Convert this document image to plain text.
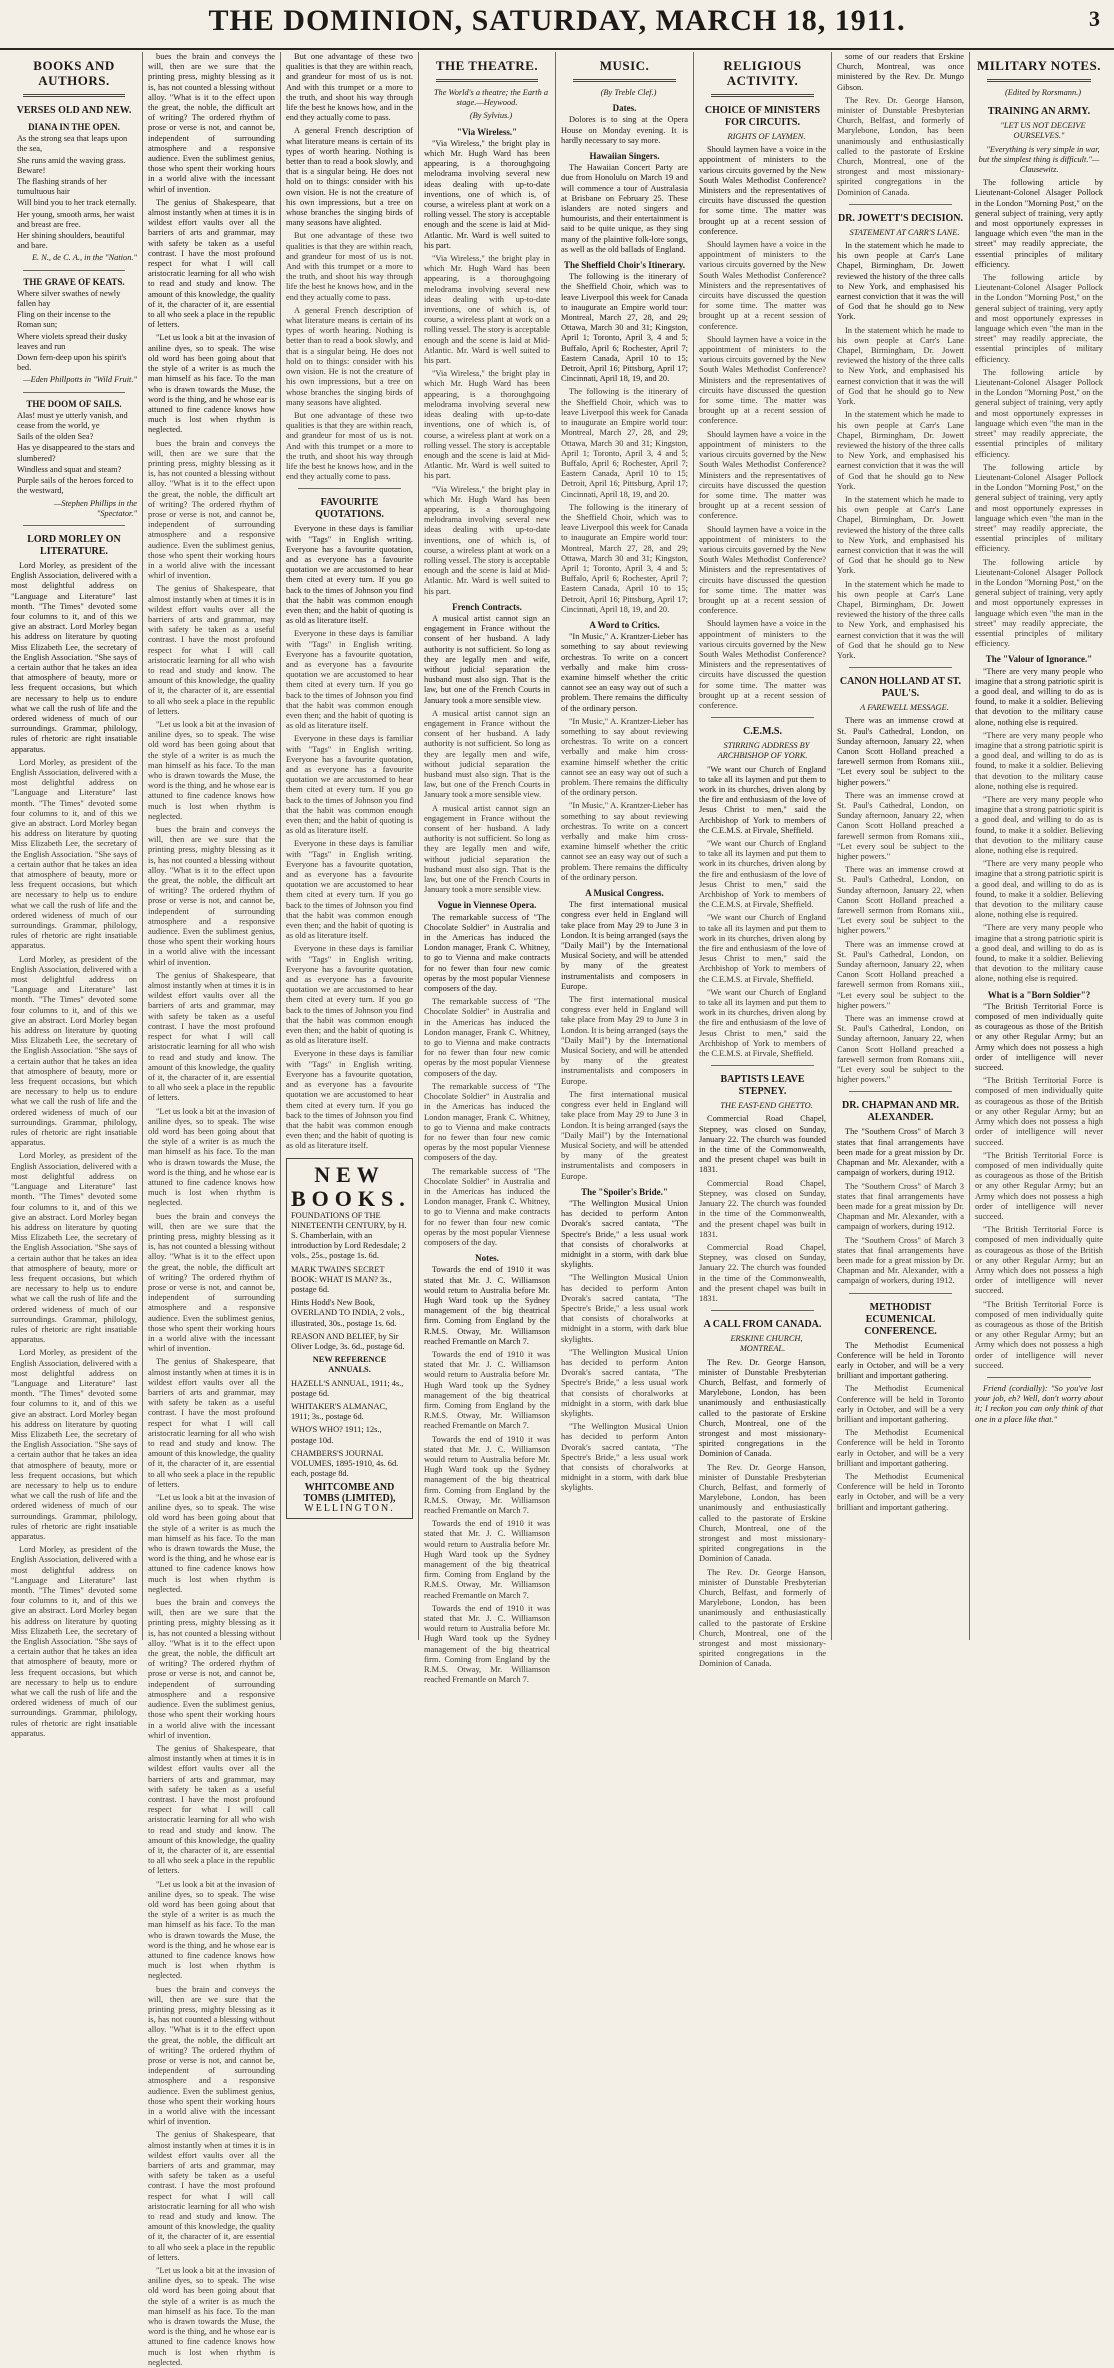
THE DOMINION, SATURDAY, MARCH 18, 1911.	3
BOOKS AND AUTHORS.
VERSES OLD AND NEW.
DIANA IN THE OPEN.

As the strong sea that leaps upon the sea,

She runs amid the waving grass. Beware!

The flashing strands of her tumultuous hair

Will bind you to her track eternally.

Her young, smooth arms, her waist and breast are free.

Her shining shoulders, beautiful and bare.

E. N., de C. A., in the "Nation."

THE GRAVE OF KEATS.

Where silver swathes of newly fallen hay

Fling on their incense to the Roman sun;

Where violets spread their dusky leaves and run

Down fern-deep upon his spirit's bed.

—Eden Phillpotts in "Wild Fruit."

THE DOOM OF SAILS.

Alas! must ye utterly vanish, and cease from the world, ye

Sails of the olden Sea?

Has ye disappeared to the stars and slumbered?

Windless and squat and steam?

Purple sails of the heroes forced to the westward,

—Stephen Phillips in the "Spectator."

LORD MORLEY ON LITERATURE.

Lord Morley, as president of the English Association, delivered with a most delightful address on "Language and Literature" last month. "The Times" devoted some four columns to it, and of this we give an abstract. Lord Morley began his address on literature by quoting Miss Elizabeth Lee, the secretary of the English Association. "She says of a certain author that he takes an idea that atmosphere of beauty, more or less frequent occasions, but which are necessary to help us to endure what we call the rush of life and the ordered wideness of much of our surroundings. Grammar, philology, rules of rhetoric are right insatiable apparatus.

Lord Morley, as president of the English Association, delivered with a most delightful address on "Language and Literature" last month. "The Times" devoted some four columns to it, and of this we give an abstract. Lord Morley began his address on literature by quoting Miss Elizabeth Lee, the secretary of the English Association. "She says of a certain author that he takes an idea that atmosphere of beauty, more or less frequent occasions, but which are necessary to help us to endure what we call the rush of life and the ordered wideness of much of our surroundings. Grammar, philology, rules of rhetoric are right insatiable apparatus.

Lord Morley, as president of the English Association, delivered with a most delightful address on "Language and Literature" last month. "The Times" devoted some four columns to it, and of this we give an abstract. Lord Morley began his address on literature by quoting Miss Elizabeth Lee, the secretary of the English Association. "She says of a certain author that he takes an idea that atmosphere of beauty, more or less frequent occasions, but which are necessary to help us to endure what we call the rush of life and the ordered wideness of much of our surroundings. Grammar, philology, rules of rhetoric are right insatiable apparatus.

Lord Morley, as president of the English Association, delivered with a most delightful address on "Language and Literature" last month. "The Times" devoted some four columns to it, and of this we give an abstract. Lord Morley began his address on literature by quoting Miss Elizabeth Lee, the secretary of the English Association. "She says of a certain author that he takes an idea that atmosphere of beauty, more or less frequent occasions, but which are necessary to help us to endure what we call the rush of life and the ordered wideness of much of our surroundings. Grammar, philology, rules of rhetoric are right insatiable apparatus.

Lord Morley, as president of the English Association, delivered with a most delightful address on "Language and Literature" last month. "The Times" devoted some four columns to it, and of this we give an abstract. Lord Morley began his address on literature by quoting Miss Elizabeth Lee, the secretary of the English Association. "She says of a certain author that he takes an idea that atmosphere of beauty, more or less frequent occasions, but which are necessary to help us to endure what we call the rush of life and the ordered wideness of much of our surroundings. Grammar, philology, rules of rhetoric are right insatiable apparatus.

Lord Morley, as president of the English Association, delivered with a most delightful address on "Language and Literature" last month. "The Times" devoted some four columns to it, and of this we give an abstract. Lord Morley began his address on literature by quoting Miss Elizabeth Lee, the secretary of the English Association. "She says of a certain author that he takes an idea that atmosphere of beauty, more or less frequent occasions, but which are necessary to help us to endure what we call the rush of life and the ordered wideness of much of our surroundings. Grammar, philology, rules of rhetoric are right insatiable apparatus.

bues the brain and conveys the will, then are we sure that the printing press, mighty blessing as it is, has not counted a blessing without alloy. "What is it to the effect upon the great, the noble, the difficult art of writing? The ordered rhythm of prose or verse is not, and cannot be, independent of surrounding atmosphere and a responsive audience. Even the sublimest genius, those who spent their working hours in a world alive with the incessant whirl of invention.

The genius of Shakespeare, that almost instantly when at times it is in wildest effort vaults over all the barriers of arts and grammar, may with safety be taken as a useful contrast. I have the most profound respect for what I will call aristocratic learning for all who wish to read and study and know. The amount of this knowledge, the quality of it, the character of it, are essential to all who seek a place in the republic of letters.

"Let us look a bit at the invasion of aniline dyes, so to speak. The wise old word has been going about that the style of a writer is as much the man himself as his face. To the man who is drawn towards the Muse, the word is the thing, and he whose ear is attuned to fine cadence knows how much is lost when rhythm is neglected.

bues the brain and conveys the will, then are we sure that the printing press, mighty blessing as it is, has not counted a blessing without alloy. "What is it to the effect upon the great, the noble, the difficult art of writing? The ordered rhythm of prose or verse is not, and cannot be, independent of surrounding atmosphere and a responsive audience. Even the sublimest genius, those who spent their working hours in a world alive with the incessant whirl of invention.

The genius of Shakespeare, that almost instantly when at times it is in wildest effort vaults over all the barriers of arts and grammar, may with safety be taken as a useful contrast. I have the most profound respect for what I will call aristocratic learning for all who wish to read and study and know. The amount of this knowledge, the quality of it, the character of it, are essential to all who seek a place in the republic of letters.

"Let us look a bit at the invasion of aniline dyes, so to speak. The wise old word has been going about that the style of a writer is as much the man himself as his face. To the man who is drawn towards the Muse, the word is the thing, and he whose ear is attuned to fine cadence knows how much is lost when rhythm is neglected.

bues the brain and conveys the will, then are we sure that the printing press, mighty blessing as it is, has not counted a blessing without alloy. "What is it to the effect upon the great, the noble, the difficult art of writing? The ordered rhythm of prose or verse is not, and cannot be, independent of surrounding atmosphere and a responsive audience. Even the sublimest genius, those who spent their working hours in a world alive with the incessant whirl of invention.

The genius of Shakespeare, that almost instantly when at times it is in wildest effort vaults over all the barriers of arts and grammar, may with safety be taken as a useful contrast. I have the most profound respect for what I will call aristocratic learning for all who wish to read and study and know. The amount of this knowledge, the quality of it, the character of it, are essential to all who seek a place in the republic of letters.

"Let us look a bit at the invasion of aniline dyes, so to speak. The wise old word has been going about that the style of a writer is as much the man himself as his face. To the man who is drawn towards the Muse, the word is the thing, and he whose ear is attuned to fine cadence knows how much is lost when rhythm is neglected.

bues the brain and conveys the will, then are we sure that the printing press, mighty blessing as it is, has not counted a blessing without alloy. "What is it to the effect upon the great, the noble, the difficult art of writing? The ordered rhythm of prose or verse is not, and cannot be, independent of surrounding atmosphere and a responsive audience. Even the sublimest genius, those who spent their working hours in a world alive with the incessant whirl of invention.

The genius of Shakespeare, that almost instantly when at times it is in wildest effort vaults over all the barriers of arts and grammar, may with safety be taken as a useful contrast. I have the most profound respect for what I will call aristocratic learning for all who wish to read and study and know. The amount of this knowledge, the quality of it, the character of it, are essential to all who seek a place in the republic of letters.

"Let us look a bit at the invasion of aniline dyes, so to speak. The wise old word has been going about that the style of a writer is as much the man himself as his face. To the man who is drawn towards the Muse, the word is the thing, and he whose ear is attuned to fine cadence knows how much is lost when rhythm is neglected.

bues the brain and conveys the will, then are we sure that the printing press, mighty blessing as it is, has not counted a blessing without alloy. "What is it to the effect upon the great, the noble, the difficult art of writing? The ordered rhythm of prose or verse is not, and cannot be, independent of surrounding atmosphere and a responsive audience. Even the sublimest genius, those who spent their working hours in a world alive with the incessant whirl of invention.

The genius of Shakespeare, that almost instantly when at times it is in wildest effort vaults over all the barriers of arts and grammar, may with safety be taken as a useful contrast. I have the most profound respect for what I will call aristocratic learning for all who wish to read and study and know. The amount of this knowledge, the quality of it, the character of it, are essential to all who seek a place in the republic of letters.

"Let us look a bit at the invasion of aniline dyes, so to speak. The wise old word has been going about that the style of a writer is as much the man himself as his face. To the man who is drawn towards the Muse, the word is the thing, and he whose ear is attuned to fine cadence knows how much is lost when rhythm is neglected.

bues the brain and conveys the will, then are we sure that the printing press, mighty blessing as it is, has not counted a blessing without alloy. "What is it to the effect upon the great, the noble, the difficult art of writing? The ordered rhythm of prose or verse is not, and cannot be, independent of surrounding atmosphere and a responsive audience. Even the sublimest genius, those who spent their working hours in a world alive with the incessant whirl of invention.

The genius of Shakespeare, that almost instantly when at times it is in wildest effort vaults over all the barriers of arts and grammar, may with safety be taken as a useful contrast. I have the most profound respect for what I will call aristocratic learning for all who wish to read and study and know. The amount of this knowledge, the quality of it, the character of it, are essential to all who seek a place in the republic of letters.

"Let us look a bit at the invasion of aniline dyes, so to speak. The wise old word has been going about that the style of a writer is as much the man himself as his face. To the man who is drawn towards the Muse, the word is the thing, and he whose ear is attuned to fine cadence knows how much is lost when rhythm is neglected.

But one advantage of these two qualities is that they are within reach, and grandeur for most of us is not. And with this trumpet or a more to the truth, and shoot his way through life the best he knows how, and in the end they actually come to pass.

A general French description of what literature means is certain of its types of worth hearing. Nothing is better than to read a book slowly, and that is a singular being. He does not hold on to things: consider with his own vision. He is not the creature of his own impressions, but a tree on whose branches the singing birds of many seasons have alighted.

But one advantage of these two qualities is that they are within reach, and grandeur for most of us is not. And with this trumpet or a more to the truth, and shoot his way through life the best he knows how, and in the end they actually come to pass.

A general French description of what literature means is certain of its types of worth hearing. Nothing is better than to read a book slowly, and that is a singular being. He does not hold on to things: consider with his own vision. He is not the creature of his own impressions, but a tree on whose branches the singing birds of many seasons have alighted.

But one advantage of these two qualities is that they are within reach, and grandeur for most of us is not. And with this trumpet or a more to the truth, and shoot his way through life the best he knows how, and in the end they actually come to pass.

FAVOURITE QUOTATIONS.

Everyone in these days is familiar with "Tags" in English writing. Everyone has a favourite quotation, and as everyone has a favourite quotation we are accustomed to hear them cited at every turn. If you go back to the times of Johnson you find that the habit was common enough even then; and the habit of quoting is as old as literature itself.

Everyone in these days is familiar with "Tags" in English writing. Everyone has a favourite quotation, and as everyone has a favourite quotation we are accustomed to hear them cited at every turn. If you go back to the times of Johnson you find that the habit was common enough even then; and the habit of quoting is as old as literature itself.

Everyone in these days is familiar with "Tags" in English writing. Everyone has a favourite quotation, and as everyone has a favourite quotation we are accustomed to hear them cited at every turn. If you go back to the times of Johnson you find that the habit was common enough even then; and the habit of quoting is as old as literature itself.

Everyone in these days is familiar with "Tags" in English writing. Everyone has a favourite quotation, and as everyone has a favourite quotation we are accustomed to hear them cited at every turn. If you go back to the times of Johnson you find that the habit was common enough even then; and the habit of quoting is as old as literature itself.

Everyone in these days is familiar with "Tags" in English writing. Everyone has a favourite quotation, and as everyone has a favourite quotation we are accustomed to hear them cited at every turn. If you go back to the times of Johnson you find that the habit was common enough even then; and the habit of quoting is as old as literature itself.

Everyone in these days is familiar with "Tags" in English writing. Everyone has a favourite quotation, and as everyone has a favourite quotation we are accustomed to hear them cited at every turn. If you go back to the times of Johnson you find that the habit was common enough even then; and the habit of quoting is as old as literature itself.

NEW BOOKS.

FOUNDATIONS OF THE NINETEENTH CENTURY, by H. S. Chamberlain, with an introduction by Lord Redesdale; 2 vols., 25s., postage 1s. 6d.

MARK TWAIN'S SECRET BOOK: WHAT IS MAN? 3s., postage 6d.

Hints Hodd's New Book, OVERLAND TO INDIA, 2 vols., illustrated, 30s., postage 1s. 6d.

REASON AND BELIEF, by Sir Oliver Lodge, 3s. 6d., postage 6d.

NEW REFERENCE ANNUALS.

HAZELL'S ANNUAL, 1911; 4s., postage 6d.

WHITAKER'S ALMANAC, 1911; 3s., postage 6d.

WHO'S WHO? 1911; 12s., postage 10d.

CHAMBERS'S JOURNAL VOLUMES, 1895-1910, 4s. 6d. each, postage 8d.

WHITCOMBE AND TOMBS (LIMITED),
WELLINGTON.
THE THEATRE.

The World's a theatre; the Earth a stage.—Heywood.

(By Sylvius.)

"Via Wireless."

"Via Wireless," the bright play in which Mr. Hugh Ward has been appearing, is a thoroughgoing melodrama involving several new ideas dealing with up-to-date inventions, one of which is, of course, a wireless plant at work on a rolling vessel. The story is acceptable enough and the scene is laid at Mid-Atlantic. Mr. Ward is well suited to his part.

"Via Wireless," the bright play in which Mr. Hugh Ward has been appearing, is a thoroughgoing melodrama involving several new ideas dealing with up-to-date inventions, one of which is, of course, a wireless plant at work on a rolling vessel. The story is acceptable enough and the scene is laid at Mid-Atlantic. Mr. Ward is well suited to his part.

"Via Wireless," the bright play in which Mr. Hugh Ward has been appearing, is a thoroughgoing melodrama involving several new ideas dealing with up-to-date inventions, one of which is, of course, a wireless plant at work on a rolling vessel. The story is acceptable enough and the scene is laid at Mid-Atlantic. Mr. Ward is well suited to his part.

"Via Wireless," the bright play in which Mr. Hugh Ward has been appearing, is a thoroughgoing melodrama involving several new ideas dealing with up-to-date inventions, one of which is, of course, a wireless plant at work on a rolling vessel. The story is acceptable enough and the scene is laid at Mid-Atlantic. Mr. Ward is well suited to his part.

French Contracts.

A musical artist cannot sign an engagement in France without the consent of her husband. A lady authority is not sufficient. So long as they are legally men and wife, without judicial separation the husband must also sign. That is the law, but one of the French Courts in January took a more sensible view.

A musical artist cannot sign an engagement in France without the consent of her husband. A lady authority is not sufficient. So long as they are legally men and wife, without judicial separation the husband must also sign. That is the law, but one of the French Courts in January took a more sensible view.

A musical artist cannot sign an engagement in France without the consent of her husband. A lady authority is not sufficient. So long as they are legally men and wife, without judicial separation the husband must also sign. That is the law, but one of the French Courts in January took a more sensible view.

Vogue in Viennese Opera.

The remarkable success of "The Chocolate Soldier" in Australia and in the Americas has induced the London manager, Frank C. Whitney, to go to Vienna and make contracts for no fewer than four new comic operas by the most popular Viennese composers of the day.

The remarkable success of "The Chocolate Soldier" in Australia and in the Americas has induced the London manager, Frank C. Whitney, to go to Vienna and make contracts for no fewer than four new comic operas by the most popular Viennese composers of the day.

The remarkable success of "The Chocolate Soldier" in Australia and in the Americas has induced the London manager, Frank C. Whitney, to go to Vienna and make contracts for no fewer than four new comic operas by the most popular Viennese composers of the day.

The remarkable success of "The Chocolate Soldier" in Australia and in the Americas has induced the London manager, Frank C. Whitney, to go to Vienna and make contracts for no fewer than four new comic operas by the most popular Viennese composers of the day.

Notes.

Towards the end of 1910 it was stated that Mr. J. C. Williamson would return to Australia before Mr. Hugh Ward took up the Sydney management of the big theatrical firm. Coming from England by the R.M.S. Otway, Mr. Williamson reached Fremantle on March 7.

Towards the end of 1910 it was stated that Mr. J. C. Williamson would return to Australia before Mr. Hugh Ward took up the Sydney management of the big theatrical firm. Coming from England by the R.M.S. Otway, Mr. Williamson reached Fremantle on March 7.

Towards the end of 1910 it was stated that Mr. J. C. Williamson would return to Australia before Mr. Hugh Ward took up the Sydney management of the big theatrical firm. Coming from England by the R.M.S. Otway, Mr. Williamson reached Fremantle on March 7.

Towards the end of 1910 it was stated that Mr. J. C. Williamson would return to Australia before Mr. Hugh Ward took up the Sydney management of the big theatrical firm. Coming from England by the R.M.S. Otway, Mr. Williamson reached Fremantle on March 7.

Towards the end of 1910 it was stated that Mr. J. C. Williamson would return to Australia before Mr. Hugh Ward took up the Sydney management of the big theatrical firm. Coming from England by the R.M.S. Otway, Mr. Williamson reached Fremantle on March 7.

MUSIC.

(By Treble Clef.)

Dates.

Dolores is to sing at the Opera House on Monday evening. It is hardly necessary to say more.

Hawaiian Singers.

The Hawaiian Concert Party are due from Honolulu on March 19 and will commence a tour of Australasia at Brisbane on February 25. These islanders are noted singers and humourists, and their entertainment is said to be quite unique, as they sing many of the plaintive folk-lore songs, as well as the old ballads of England.

The Sheffield Choir's Itinerary.

The following is the itinerary of the Sheffield Choir, which was to leave Liverpool this week for Canada to inaugurate an Empire world tour: Montreal, March 27, 28, and 29; Ottawa, March 30 and 31; Kingston, April 1; Toronto, April 3, 4 and 5; Buffalo, April 6; Rochester, April 7; Eastern Canada, April 10 to 15; Detroit, April 16; Pittsburg, April 17; Cincinnati, April 18, 19, and 20.

The following is the itinerary of the Sheffield Choir, which was to leave Liverpool this week for Canada to inaugurate an Empire world tour: Montreal, March 27, 28, and 29; Ottawa, March 30 and 31; Kingston, April 1; Toronto, April 3, 4 and 5; Buffalo, April 6; Rochester, April 7; Eastern Canada, April 10 to 15; Detroit, April 16; Pittsburg, April 17; Cincinnati, April 18, 19, and 20.

The following is the itinerary of the Sheffield Choir, which was to leave Liverpool this week for Canada to inaugurate an Empire world tour: Montreal, March 27, 28, and 29; Ottawa, March 30 and 31; Kingston, April 1; Toronto, April 3, 4 and 5; Buffalo, April 6; Rochester, April 7; Eastern Canada, April 10 to 15; Detroit, April 16; Pittsburg, April 17; Cincinnati, April 18, 19, and 20.

A Word to Critics.

"In Music," A. Krantzer-Lieber has something to say about reviewing orchestras. To write on a concert verbally and make him cross-examine himself whether the critic cannot see an easy way out of such a problem. There remains the difficulty of the ordinary person.

"In Music," A. Krantzer-Lieber has something to say about reviewing orchestras. To write on a concert verbally and make him cross-examine himself whether the critic cannot see an easy way out of such a problem. There remains the difficulty of the ordinary person.

"In Music," A. Krantzer-Lieber has something to say about reviewing orchestras. To write on a concert verbally and make him cross-examine himself whether the critic cannot see an easy way out of such a problem. There remains the difficulty of the ordinary person.

A Musical Congress.

The first international musical congress ever held in England will take place from May 29 to June 3 in London. It is being arranged (says the "Daily Mail") by the International Musical Society, and will be attended by many of the greatest instrumentalists and composers in Europe.

The first international musical congress ever held in England will take place from May 29 to June 3 in London. It is being arranged (says the "Daily Mail") by the International Musical Society, and will be attended by many of the greatest instrumentalists and composers in Europe.

The first international musical congress ever held in England will take place from May 29 to June 3 in London. It is being arranged (says the "Daily Mail") by the International Musical Society, and will be attended by many of the greatest instrumentalists and composers in Europe.

The "Spoiler's Bride."

"The Wellington Musical Union has decided to perform Anton Dvorak's sacred cantata, "The Spectre's Bride," a less usual work that consists of choralworks at midnight in a storm, with dark blue skylights.

"The Wellington Musical Union has decided to perform Anton Dvorak's sacred cantata, "The Spectre's Bride," a less usual work that consists of choralworks at midnight in a storm, with dark blue skylights.

"The Wellington Musical Union has decided to perform Anton Dvorak's sacred cantata, "The Spectre's Bride," a less usual work that consists of choralworks at midnight in a storm, with dark blue skylights.

"The Wellington Musical Union has decided to perform Anton Dvorak's sacred cantata, "The Spectre's Bride," a less usual work that consists of choralworks at midnight in a storm, with dark blue skylights.

RELIGIOUS ACTIVITY.
CHOICE OF MINISTERS FOR CIRCUITS.

RIGHTS OF LAYMEN.

Should laymen have a voice in the appointment of ministers to the various circuits governed by the New South Wales Methodist Conference? Ministers and the representatives of circuits have discussed the question for some time. The matter was brought up at a recent session of conference.

Should laymen have a voice in the appointment of ministers to the various circuits governed by the New South Wales Methodist Conference? Ministers and the representatives of circuits have discussed the question for some time. The matter was brought up at a recent session of conference.

Should laymen have a voice in the appointment of ministers to the various circuits governed by the New South Wales Methodist Conference? Ministers and the representatives of circuits have discussed the question for some time. The matter was brought up at a recent session of conference.

Should laymen have a voice in the appointment of ministers to the various circuits governed by the New South Wales Methodist Conference? Ministers and the representatives of circuits have discussed the question for some time. The matter was brought up at a recent session of conference.

Should laymen have a voice in the appointment of ministers to the various circuits governed by the New South Wales Methodist Conference? Ministers and the representatives of circuits have discussed the question for some time. The matter was brought up at a recent session of conference.

Should laymen have a voice in the appointment of ministers to the various circuits governed by the New South Wales Methodist Conference? Ministers and the representatives of circuits have discussed the question for some time. The matter was brought up at a recent session of conference.

C.E.M.S.

STIRRING ADDRESS BY ARCHBISHOP OF YORK.

"We want our Church of England to take all its laymen and put them to work in its churches, driven along by the fire and enthusiasm of the love of Jesus Christ to men," said the Archbishop of York to members of the C.E.M.S. at Firvale, Sheffield.

"We want our Church of England to take all its laymen and put them to work in its churches, driven along by the fire and enthusiasm of the love of Jesus Christ to men," said the Archbishop of York to members of the C.E.M.S. at Firvale, Sheffield.

"We want our Church of England to take all its laymen and put them to work in its churches, driven along by the fire and enthusiasm of the love of Jesus Christ to men," said the Archbishop of York to members of the C.E.M.S. at Firvale, Sheffield.

"We want our Church of England to take all its laymen and put them to work in its churches, driven along by the fire and enthusiasm of the love of Jesus Christ to men," said the Archbishop of York to members of the C.E.M.S. at Firvale, Sheffield.

BAPTISTS LEAVE STEPNEY.

THE EAST-END GHETTO.

Commercial Road Chapel, Stepney, was closed on Sunday, January 22. The church was founded in the time of the Commonwealth, and the present chapel was built in 1831.

Commercial Road Chapel, Stepney, was closed on Sunday, January 22. The church was founded in the time of the Commonwealth, and the present chapel was built in 1831.

Commercial Road Chapel, Stepney, was closed on Sunday, January 22. The church was founded in the time of the Commonwealth, and the present chapel was built in 1831.

A CALL FROM CANADA.

ERSKINE CHURCH, MONTREAL.

The Rev. Dr. George Hanson, minister of Dunstable Presbyterian Church, Belfast, and formerly of Marylebone, London, has been unanimously and enthusiastically called to the pastorate of Erskine Church, Montreal, one of the strongest and most missionary-spirited congregations in the Dominion of Canada.

The Rev. Dr. George Hanson, minister of Dunstable Presbyterian Church, Belfast, and formerly of Marylebone, London, has been unanimously and enthusiastically called to the pastorate of Erskine Church, Montreal, one of the strongest and most missionary-spirited congregations in the Dominion of Canada.

The Rev. Dr. George Hanson, minister of Dunstable Presbyterian Church, Belfast, and formerly of Marylebone, London, has been unanimously and enthusiastically called to the pastorate of Erskine Church, Montreal, one of the strongest and most missionary-spirited congregations in the Dominion of Canada.

some of our readers that Erskine Church, Montreal, was once ministered by the Rev. Dr. Mungo Gibson.

The Rev. Dr. George Hanson, minister of Dunstable Presbyterian Church, Belfast, and formerly of Marylebone, London, has been unanimously and enthusiastically called to the pastorate of Erskine Church, Montreal, one of the strongest and most missionary-spirited congregations in the Dominion of Canada.

DR. JOWETT'S DECISION.

STATEMENT AT CARR'S LANE.

In the statement which he made to his own people at Carr's Lane Chapel, Birmingham, Dr. Jowett reviewed the history of the three calls to New York, and emphasised his earnest conviction that it was the will of God that he should go to New York.

In the statement which he made to his own people at Carr's Lane Chapel, Birmingham, Dr. Jowett reviewed the history of the three calls to New York, and emphasised his earnest conviction that it was the will of God that he should go to New York.

In the statement which he made to his own people at Carr's Lane Chapel, Birmingham, Dr. Jowett reviewed the history of the three calls to New York, and emphasised his earnest conviction that it was the will of God that he should go to New York.

In the statement which he made to his own people at Carr's Lane Chapel, Birmingham, Dr. Jowett reviewed the history of the three calls to New York, and emphasised his earnest conviction that it was the will of God that he should go to New York.

In the statement which he made to his own people at Carr's Lane Chapel, Birmingham, Dr. Jowett reviewed the history of the three calls to New York, and emphasised his earnest conviction that it was the will of God that he should go to New York.

CANON HOLLAND AT ST. PAUL'S.

A FAREWELL MESSAGE.

There was an immense crowd at St. Paul's Cathedral, London, on Sunday afternoon, January 22, when Canon Scott Holland preached a farewell sermon from Romans xiii., "Let every soul be subject to the higher powers."

There was an immense crowd at St. Paul's Cathedral, London, on Sunday afternoon, January 22, when Canon Scott Holland preached a farewell sermon from Romans xiii., "Let every soul be subject to the higher powers."

There was an immense crowd at St. Paul's Cathedral, London, on Sunday afternoon, January 22, when Canon Scott Holland preached a farewell sermon from Romans xiii., "Let every soul be subject to the higher powers."

There was an immense crowd at St. Paul's Cathedral, London, on Sunday afternoon, January 22, when Canon Scott Holland preached a farewell sermon from Romans xiii., "Let every soul be subject to the higher powers."

There was an immense crowd at St. Paul's Cathedral, London, on Sunday afternoon, January 22, when Canon Scott Holland preached a farewell sermon from Romans xiii., "Let every soul be subject to the higher powers."

DR. CHAPMAN AND MR. ALEXANDER.

The "Southern Cross" of March 3 states that final arrangements have been made for a great mission by Dr. Chapman and Mr. Alexander, with a campaign of workers, during 1912.

The "Southern Cross" of March 3 states that final arrangements have been made for a great mission by Dr. Chapman and Mr. Alexander, with a campaign of workers, during 1912.

The "Southern Cross" of March 3 states that final arrangements have been made for a great mission by Dr. Chapman and Mr. Alexander, with a campaign of workers, during 1912.

METHODIST ECUMENICAL CONFERENCE.

The Methodist Ecumenical Conference will be held in Toronto early in October, and will be a very brilliant and important gathering.

The Methodist Ecumenical Conference will be held in Toronto early in October, and will be a very brilliant and important gathering.

The Methodist Ecumenical Conference will be held in Toronto early in October, and will be a very brilliant and important gathering.

The Methodist Ecumenical Conference will be held in Toronto early in October, and will be a very brilliant and important gathering.

MILITARY NOTES.

(Edited by Rorsmann.)

TRAINING AN ARMY.

"LET US NOT DECEIVE OURSELVES."

"Everything is very simple in war, but the simplest thing is difficult."—Clausewitz.

The following article by Lieutenant-Colonel Alsager Pollock in the London "Morning Post," on the general subject of training, very aptly and most opportunely expresses in language which even "the man in the street" may readily appreciate, the essential principles of military efficiency.

The following article by Lieutenant-Colonel Alsager Pollock in the London "Morning Post," on the general subject of training, very aptly and most opportunely expresses in language which even "the man in the street" may readily appreciate, the essential principles of military efficiency.

The following article by Lieutenant-Colonel Alsager Pollock in the London "Morning Post," on the general subject of training, very aptly and most opportunely expresses in language which even "the man in the street" may readily appreciate, the essential principles of military efficiency.

The following article by Lieutenant-Colonel Alsager Pollock in the London "Morning Post," on the general subject of training, very aptly and most opportunely expresses in language which even "the man in the street" may readily appreciate, the essential principles of military efficiency.

The following article by Lieutenant-Colonel Alsager Pollock in the London "Morning Post," on the general subject of training, very aptly and most opportunely expresses in language which even "the man in the street" may readily appreciate, the essential principles of military efficiency.

The "Valour of Ignorance."

"There are very many people who imagine that a strong patriotic spirit is a good deal, and willing to do as is found, to make it a soldier. Believing that devotion to the military cause alone, nothing else is required.

"There are very many people who imagine that a strong patriotic spirit is a good deal, and willing to do as is found, to make it a soldier. Believing that devotion to the military cause alone, nothing else is required.

"There are very many people who imagine that a strong patriotic spirit is a good deal, and willing to do as is found, to make it a soldier. Believing that devotion to the military cause alone, nothing else is required.

"There are very many people who imagine that a strong patriotic spirit is a good deal, and willing to do as is found, to make it a soldier. Believing that devotion to the military cause alone, nothing else is required.

"There are very many people who imagine that a strong patriotic spirit is a good deal, and willing to do as is found, to make it a soldier. Believing that devotion to the military cause alone, nothing else is required.

What is a "Born Soldier"?

"The British Territorial Force is composed of men individually quite as courageous as those of the British or any other Regular Army; but an Army which does not possess a high order of intelligence will never succeed.

"The British Territorial Force is composed of men individually quite as courageous as those of the British or any other Regular Army; but an Army which does not possess a high order of intelligence will never succeed.

"The British Territorial Force is composed of men individually quite as courageous as those of the British or any other Regular Army; but an Army which does not possess a high order of intelligence will never succeed.

"The British Territorial Force is composed of men individually quite as courageous as those of the British or any other Regular Army; but an Army which does not possess a high order of intelligence will never succeed.

"The British Territorial Force is composed of men individually quite as courageous as those of the British or any other Regular Army; but an Army which does not possess a high order of intelligence will never succeed.

Friend (cordially): "So you've lost your job, eh? Well, don't worry about it; I reckon you can only think of that one in a place like that."
